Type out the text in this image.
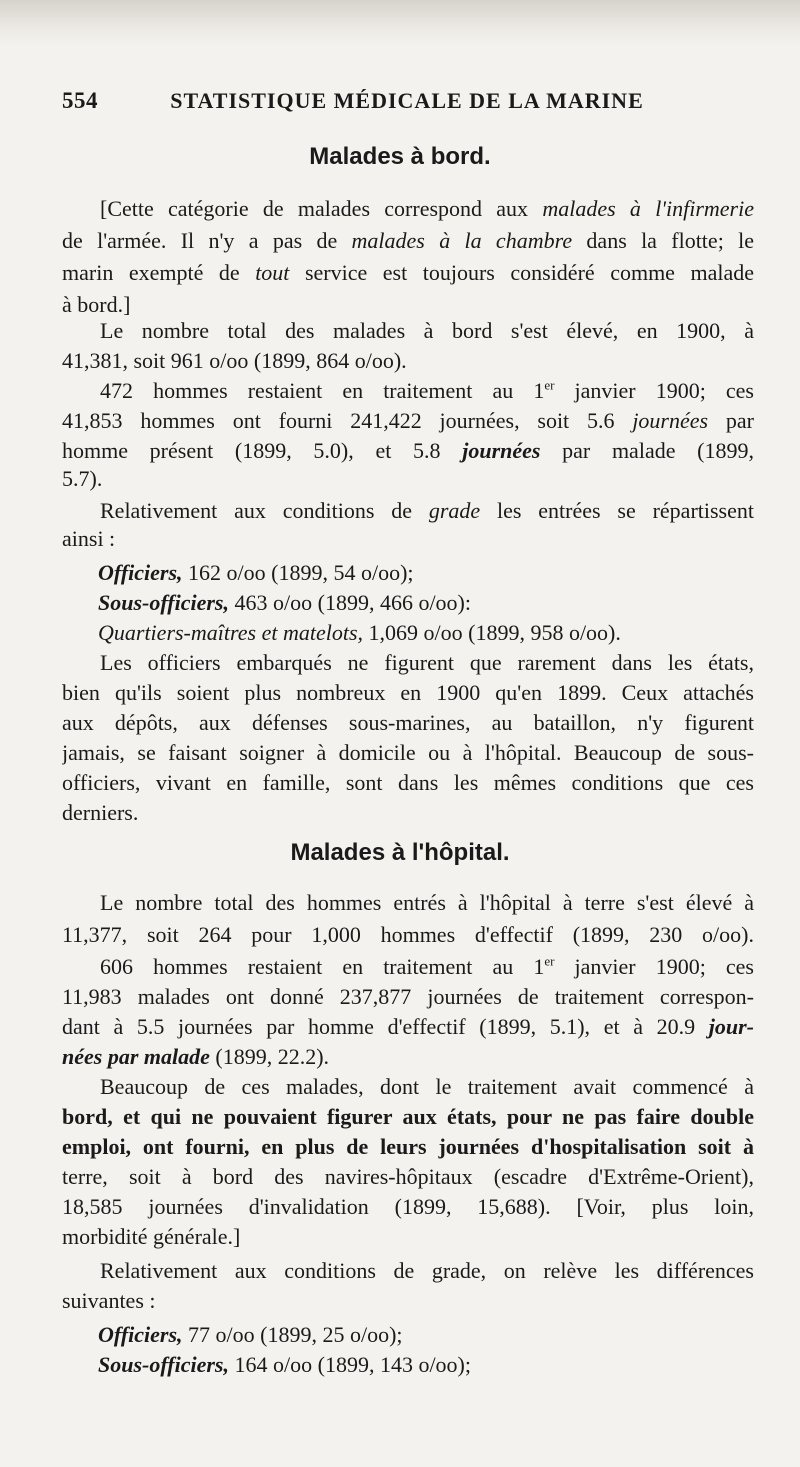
554	STATISTIQUE MÉDICALE DE LA MARINE
Malades à bord.
[Cette catégorie de malades correspond aux malades à l'infirmerie
de l'armée. Il n'y a pas de malades à la chambre dans la flotte; le
marin exempté de tout service est toujours considéré comme malade
à bord.]
Le nombre total des malades à bord s'est élevé, en 1900, à
41,381, soit 961 o/oo (1899, 864 o/oo).
472 hommes restaient en traitement au 1er janvier 1900; ces
41,853 hommes ont fourni 241,422 journées, soit 5.6 journées par
homme présent (1899, 5.0), et 5.8 journées par malade (1899,
5.7).
Relativement aux conditions de grade les entrées se répartissent
ainsi :
Officiers, 162 o/oo (1899, 54 o/oo);
Sous-officiers, 463 o/oo (1899, 466 o/oo):
Quartiers-maîtres et matelots, 1,069 o/oo (1899, 958 o/oo).
Les officiers embarqués ne figurent que rarement dans les états,
bien qu'ils soient plus nombreux en 1900 qu'en 1899. Ceux attachés
aux dépôts, aux défenses sous-marines, au bataillon, n'y figurent
jamais, se faisant soigner à domicile ou à l'hôpital. Beaucoup de sous-
officiers, vivant en famille, sont dans les mêmes conditions que ces
derniers.
Malades à l'hôpital.
Le nombre total des hommes entrés à l'hôpital à terre s'est élevé à
11,377, soit 264 pour 1,000 hommes d'effectif (1899, 230 o/oo).
606 hommes restaient en traitement au 1er janvier 1900; ces
11,983 malades ont donné 237,877 journées de traitement correspon-
dant à 5.5 journées par homme d'effectif (1899, 5.1), et à 20.9 jour-
nées par malade (1899, 22.2).
Beaucoup de ces malades, dont le traitement avait commencé à
bord, et qui ne pouvaient figurer aux états, pour ne pas faire double
emploi, ont fourni, en plus de leurs journées d'hospitalisation soit à
terre, soit à bord des navires-hôpitaux (escadre d'Extrême-Orient),
18,585 journées d'invalidation (1899, 15,688). [Voir, plus loin,
morbidité générale.]
Relativement aux conditions de grade, on relève les différences
suivantes :
Officiers, 77 o/oo (1899, 25 o/oo);
Sous-officiers, 164 o/oo (1899, 143 o/oo);
